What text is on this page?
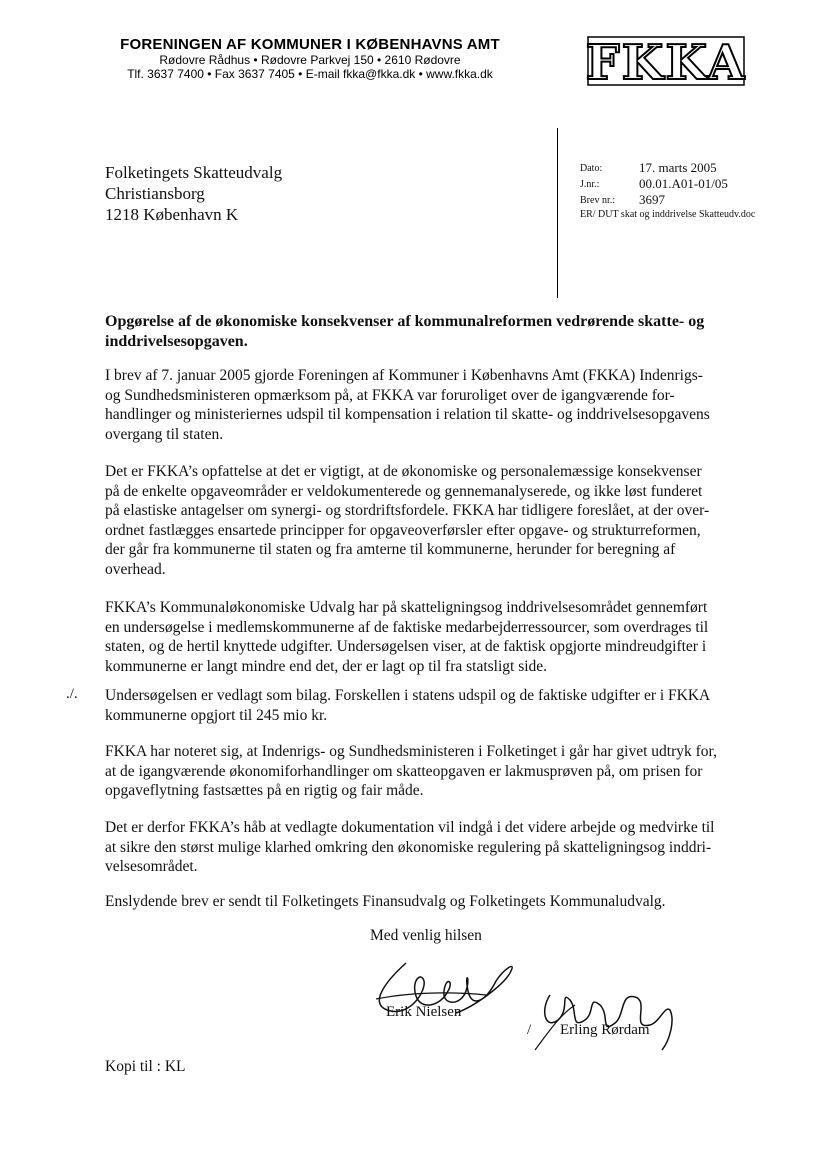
FORENINGEN AF KOMMUNER I KØBENHAVNS AMT
Rødovre Rådhus • Rødovre Parkvej 150 • 2610 Rødovre
Tlf. 3637 7400 • Fax 3637 7405 • E-mail fkka@fkka.dk • www.fkka.dk	FKKA
Folketingets Skatteudvalg
Christiansborg
1218 København K
Dato:	17. marts 2005
J.nr.:	00.01.A01-01/05
Brev nr.: 3697
ER/ DUT skat og inddrivelse Skatteudv.doc
Opgørelse af de økonomiske konsekvenser af kommunalreformen vedrørende skatte- og inddrivelsesopgaven.
I brev af 7. januar 2005 gjorde Foreningen af Kommuner i Københavns Amt (FKKA) Indenrigs-
og Sundhedsministeren opmærksom på, at FKKA var foruroliget over de igangværende for-
handlinger og ministeriernes udspil til kompensation i relation til skatte- og inddrivelsesopgavens
overgang til staten.
Det er FKKA’s opfattelse at det er vigtigt, at de økonomiske og personalemæssige konsekvenser
på de enkelte opgaveområder er veldokumenterede og gennemanalyserede, og ikke løst funderet
på elastiske antagelser om synergi- og stordriftsfordele. FKKA har tidligere foreslået, at der over-
ordnet fastlægges ensartede principper for opgaveoverførsler efter opgave- og strukturreformen,
der går fra kommunerne til staten og fra amterne til kommunerne, herunder for beregning af
overhead.
FKKA’s Kommunaløkonomiske Udvalg har på skatteligningsog inddrivelsesområdet gennemført
en undersøgelse i medlemskommunerne af de faktiske medarbejderressourcer, som overdrages til
staten, og de hertil knyttede udgifter. Undersøgelsen viser, at de faktisk opgjorte mindreudgifter i
kommunerne er langt mindre end det, der er lagt op til fra statsligt side.
./. Undersøgelsen er vedlagt som bilag. Forskellen i statens udspil og de faktiske udgifter er i FKKA
kommunerne opgjort til 245 mio kr.
FKKA har noteret sig, at Indenrigs- og Sundhedsministeren i Folketinget i går har givet udtryk for,
at de igangværende økonomiforhandlinger om skatteopgaven er lakmusprøven på, om prisen for
opgaveflytning fastsættes på en rigtig og fair måde.
Det er derfor FKKA’s håb at vedlagte dokumentation vil indgå i det videre arbejde og medvirke til
at sikre den størst mulige klarhed omkring den økonomiske regulering på skatteligningsog inddri-
velsesområdet.
Enslydende brev er sendt til Folketingets Finansudvalg og Folketingets Kommunaludvalg.
Med venlig hilsen
Erik Nielsen
/ Erling Rørdam
Kopi til : KL
